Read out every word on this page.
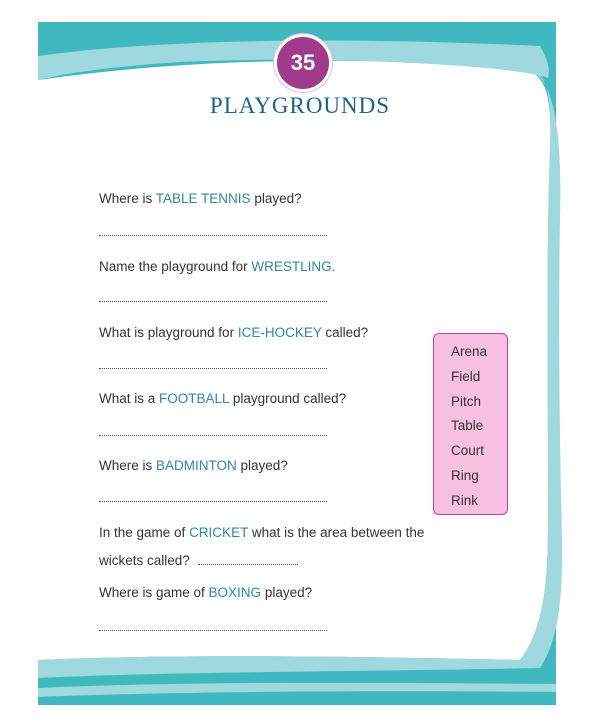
35
PLAYGROUNDS
Where is TABLE TENNIS played?
Name the playground for WRESTLING.
What is playground for ICE-HOCKEY called?
What is a FOOTBALL playground called?
Where is BADMINTON played?
In the game of CRICKET what is the area between the
wickets called?
Where is game of BOXING played?
Arena
Field
Pitch
Table
Court
Ring
Rink
